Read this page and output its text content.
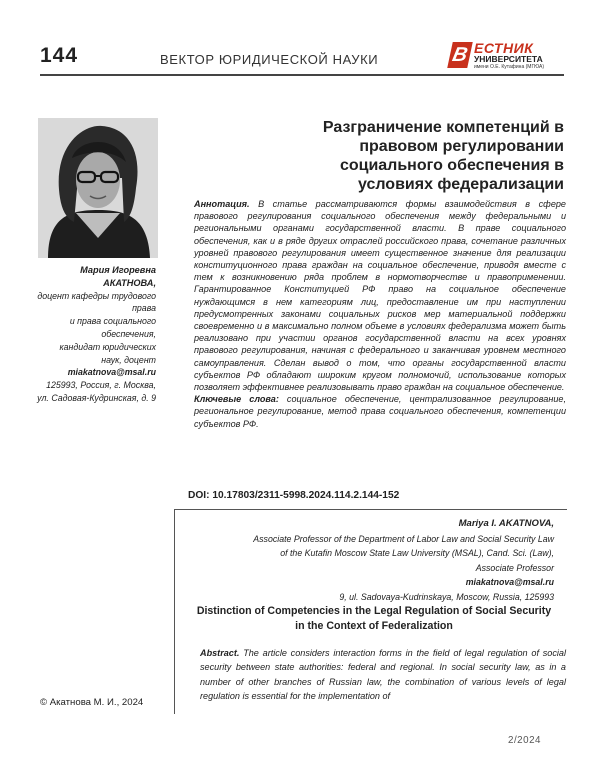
144	ВЕКТОР ЮРИДИЧЕСКОЙ НАУКИ	В ЕСТНИК
УНИВЕРСИТЕТА
имени О.Е. Кутафина (МГЮА)
Мария Игоревна
АКАТНОВА,
доцент кафедры трудового
права
и права социального
обеспечения,
кандидат юридических
наук, доцент
miakatnova@msal.ru
125993, Россия, г. Москва,
ул. Садовая-Кудринская, д. 9
Разграничение компетенций в правовом регулировании социального обеспечения в условиях федерализации
Аннотация. В статье рассматриваются формы взаимодействия в сфере правового регулирования социального обеспечения между федеральными и региональными органами государственной власти. В праве социального обеспечения, как и в ряде других отраслей российского права, сочетание различных уровней правового регулирования имеет существенное значение для реализации конституционного права граждан на социальное обеспечение, приводя вместе с тем к возникновению ряда проблем в нормотворчестве и правоприменении. Гарантированное Конституцией РФ право на социальное обеспечение нуждающимся в нем категориям лиц, предоставление им при наступлении предусмотренных законами социальных рисков мер материальной поддержки своевременно и в максимально полном объеме в условиях федерализма может быть реализовано при участии органов государственной власти на всех уровнях правового регулирования, начиная с федерального и заканчивая уровнем местного самоуправления. Сделан вывод о том, что органы государственной власти субъектов РФ обладают широким кругом полномочий, использование которых позволяет эффективнее реализовывать право граждан на социальное обеспечение.
Ключевые слова: социальное обеспечение, централизованное регулирование, региональное регулирование, метод права социального обеспечения, компетенции субъектов РФ.
DOI: 10.17803/2311-5998.2024.114.2.144-152
Mariya I. AKATNOVA,
Associate Professor of the Department of Labor Law and Social Security Law
of the Kutafin Moscow State Law University (MSAL), Cand. Sci. (Law),
Associate Professor
miakatnova@msal.ru
9, ul. Sadovaya-Kudrinskaya, Moscow, Russia, 125993
Distinction of Competencies in the Legal Regulation of Social Security in the Context of Federalization
Abstract. The article considers interaction forms in the field of legal regulation of social security between state authorities: federal and regional. In social security law, as in a number of other branches of Russian law, the combination of various levels of legal regulation is essential for the implementation of
© Акатнова М. И., 2024
2/2024
